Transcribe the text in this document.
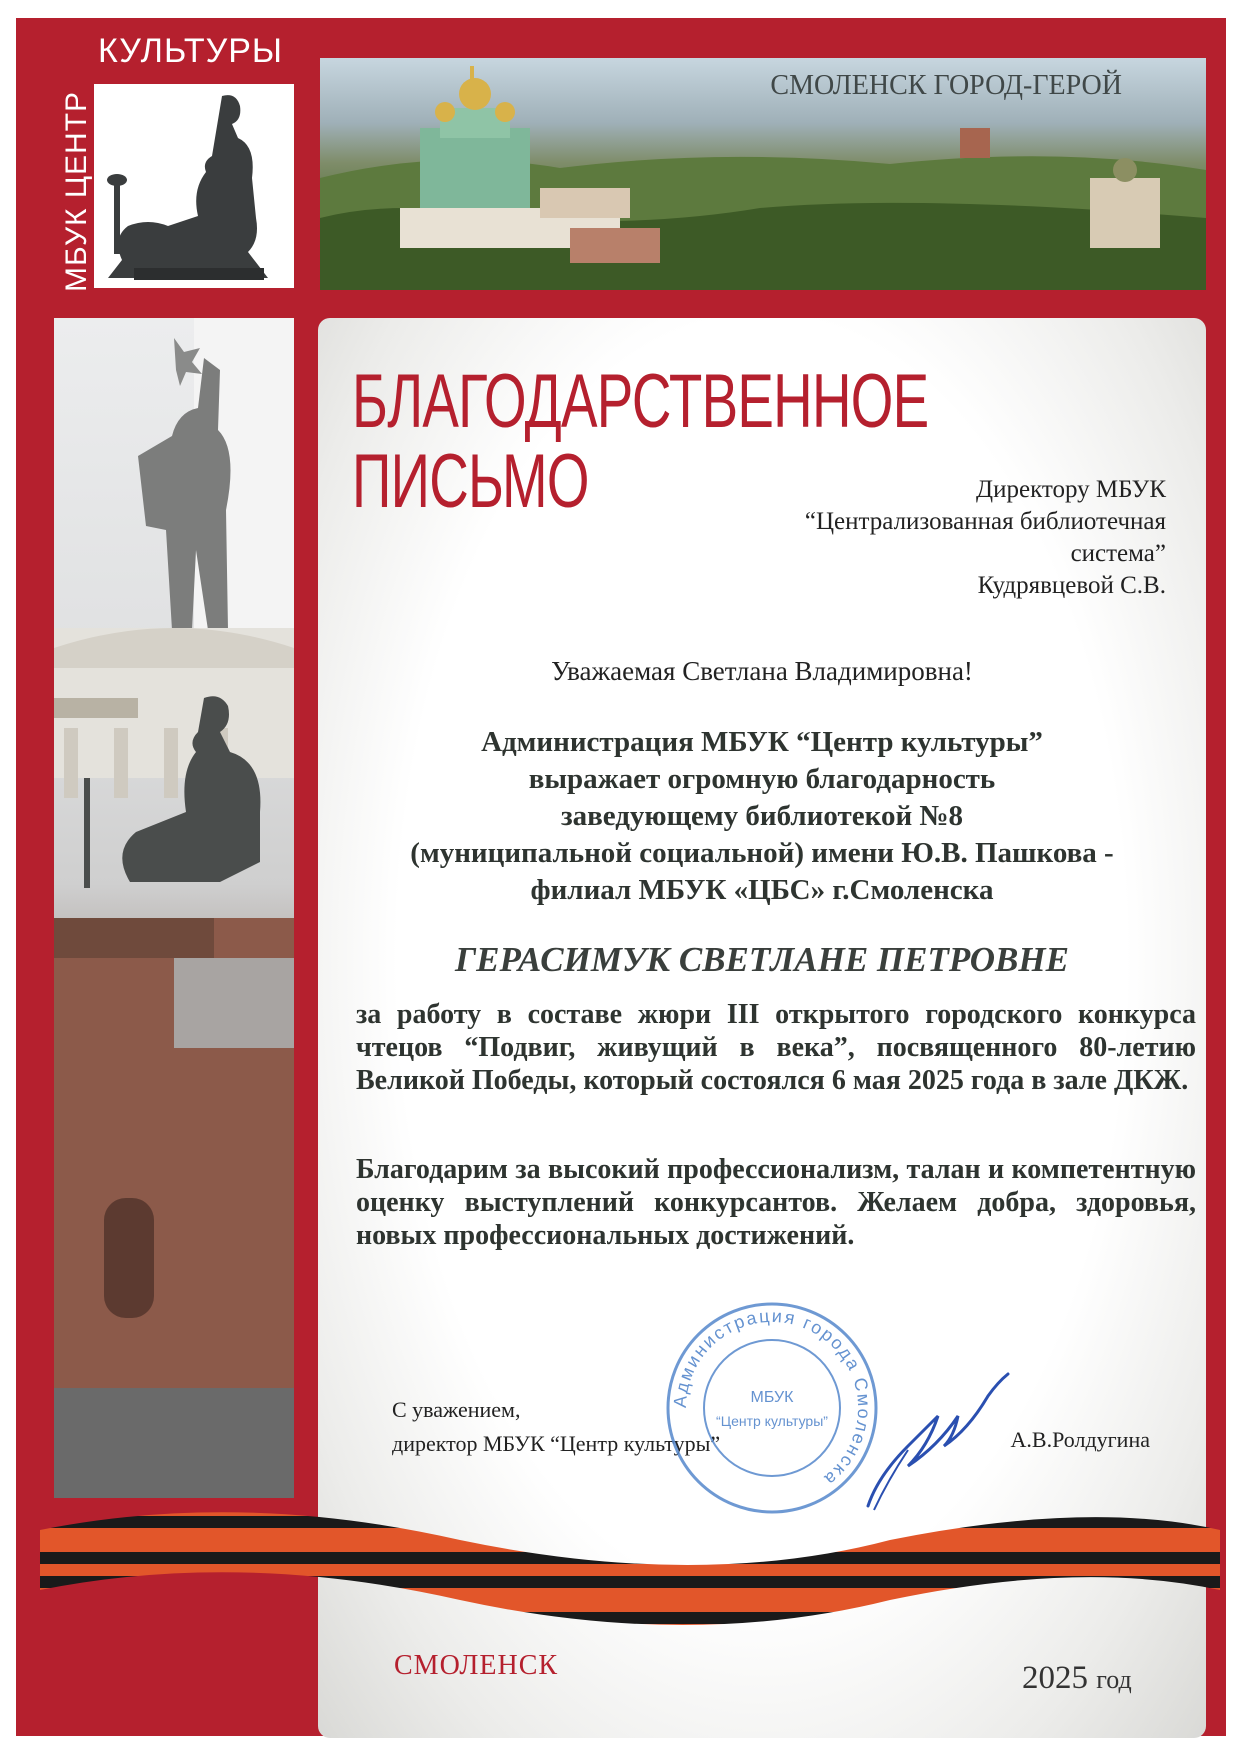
МБУК ЦЕНТР
КУЛЬТУРЫ
СМОЛЕНСК ГОРОД-ГЕРОЙ
БЛАГОДАРСТВЕННОЕ
ПИСЬМО	Директору МБУК
“Централизованная библиотечная
система”
Кудрявцевой С.В.
Уважаемая Светлана Владимировна!
Администрация МБУК “Центр культуры”
выражает огромную благодарность
заведующему библиотекой №8
(муниципальной социальной) имени Ю.В. Пашкова -
филиал МБУК «ЦБС» г.Смоленска
ГЕРАСИМУК СВЕТЛАНЕ ПЕТРОВНЕ
за работу в составе жюри III открытого городского конкурса чтецов “Подвиг, живущий в века”, посвященного 80-летию Великой Победы, который состоялся 6 мая 2025 года в зале ДКЖ.
Благодарим за высокий профессионализм, талан и компетентную оценку выступлений конкурсантов. Желаем добра, здоровья, новых профессиональных достижений.
С уважением,
директор МБУК “Центр культуры”
Администрация города Смоленска
МБУК
“Центр культуры”
А.В.Ролдугина
СМОЛЕНСК	2025 год
